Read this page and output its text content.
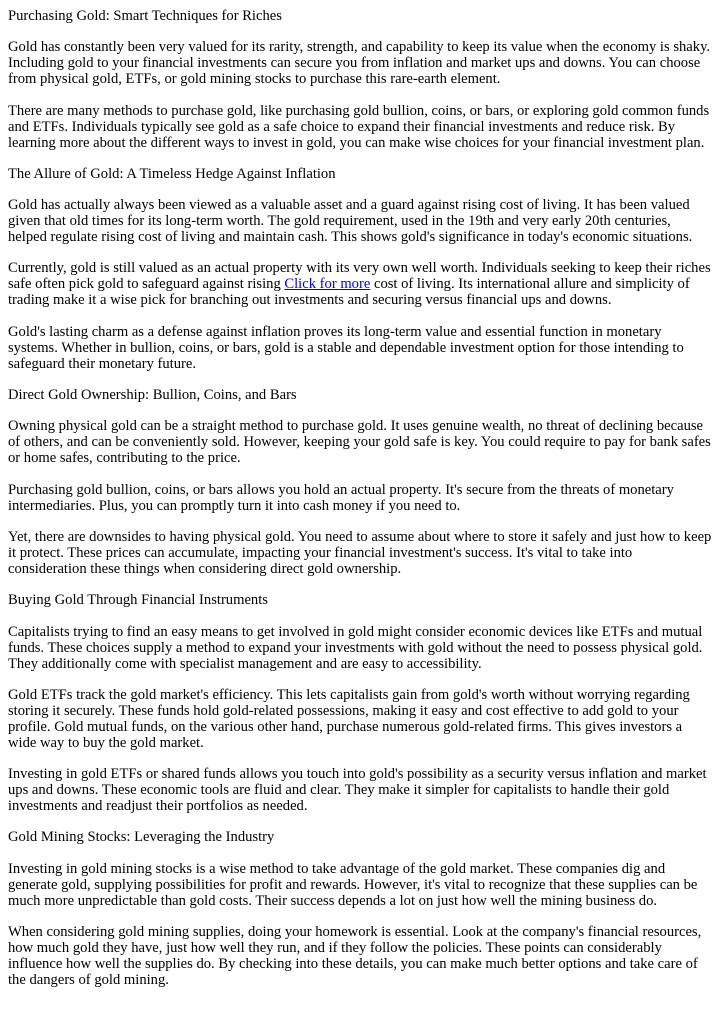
Purchasing Gold: Smart Techniques for Riches

Gold has constantly been very valued for its rarity, strength, and capability to keep its value when the economy is shaky. Including gold to your financial investments can secure you from inflation and market ups and downs. You can choose from physical gold, ETFs, or gold mining stocks to purchase this rare-earth element.

There are many methods to purchase gold, like purchasing gold bullion, coins, or bars, or exploring gold common funds and ETFs. Individuals typically see gold as a safe choice to expand their financial investments and reduce risk. By learning more about the different ways to invest in gold, you can make wise choices for your financial investment plan.

The Allure of Gold: A Timeless Hedge Against Inflation

Gold has actually always been viewed as a valuable asset and a guard against rising cost of living. It has been valued given that old times for its long-term worth. The gold requirement, used in the 19th and very early 20th centuries, helped regulate rising cost of living and maintain cash. This shows gold's significance in today's economic situations.

Currently, gold is still valued as an actual property with its very own well worth. Individuals seeking to keep their riches safe often pick gold to safeguard against rising Click for more cost of living. Its international allure and simplicity of trading make it a wise pick for branching out investments and securing versus financial ups and downs.

Gold's lasting charm as a defense against inflation proves its long-term value and essential function in monetary systems. Whether in bullion, coins, or bars, gold is a stable and dependable investment option for those intending to safeguard their monetary future.

Direct Gold Ownership: Bullion, Coins, and Bars

Owning physical gold can be a straight method to purchase gold. It uses genuine wealth, no threat of declining because of others, and can be conveniently sold. However, keeping your gold safe is key. You could require to pay for bank safes or home safes, contributing to the price.

Purchasing gold bullion, coins, or bars allows you hold an actual property. It's secure from the threats of monetary intermediaries. Plus, you can promptly turn it into cash money if you need to.

Yet, there are downsides to having physical gold. You need to assume about where to store it safely and just how to keep it protect. These prices can accumulate, impacting your financial investment's success. It's vital to take into consideration these things when considering direct gold ownership.

Buying Gold Through Financial Instruments

Capitalists trying to find an easy means to get involved in gold might consider economic devices like ETFs and mutual funds. These choices supply a method to expand your investments with gold without the need to possess physical gold. They additionally come with specialist management and are easy to accessibility.

Gold ETFs track the gold market's efficiency. This lets capitalists gain from gold's worth without worrying regarding storing it securely. These funds hold gold-related possessions, making it easy and cost effective to add gold to your profile. Gold mutual funds, on the various other hand, purchase numerous gold-related firms. This gives investors a wide way to buy the gold market.

Investing in gold ETFs or shared funds allows you touch into gold's possibility as a security versus inflation and market ups and downs. These economic tools are fluid and clear. They make it simpler for capitalists to handle their gold investments and readjust their portfolios as needed.

Gold Mining Stocks: Leveraging the Industry

Investing in gold mining stocks is a wise method to take advantage of the gold market. These companies dig and generate gold, supplying possibilities for profit and rewards. However, it's vital to recognize that these supplies can be much more unpredictable than gold costs. Their success depends a lot on just how well the mining business do.

When considering gold mining supplies, doing your homework is essential. Look at the company's financial resources, how much gold they have, just how well they run, and if they follow the policies. These points can considerably influence how well the supplies do. By checking into these details, you can make much better options and take care of the dangers of gold mining.
